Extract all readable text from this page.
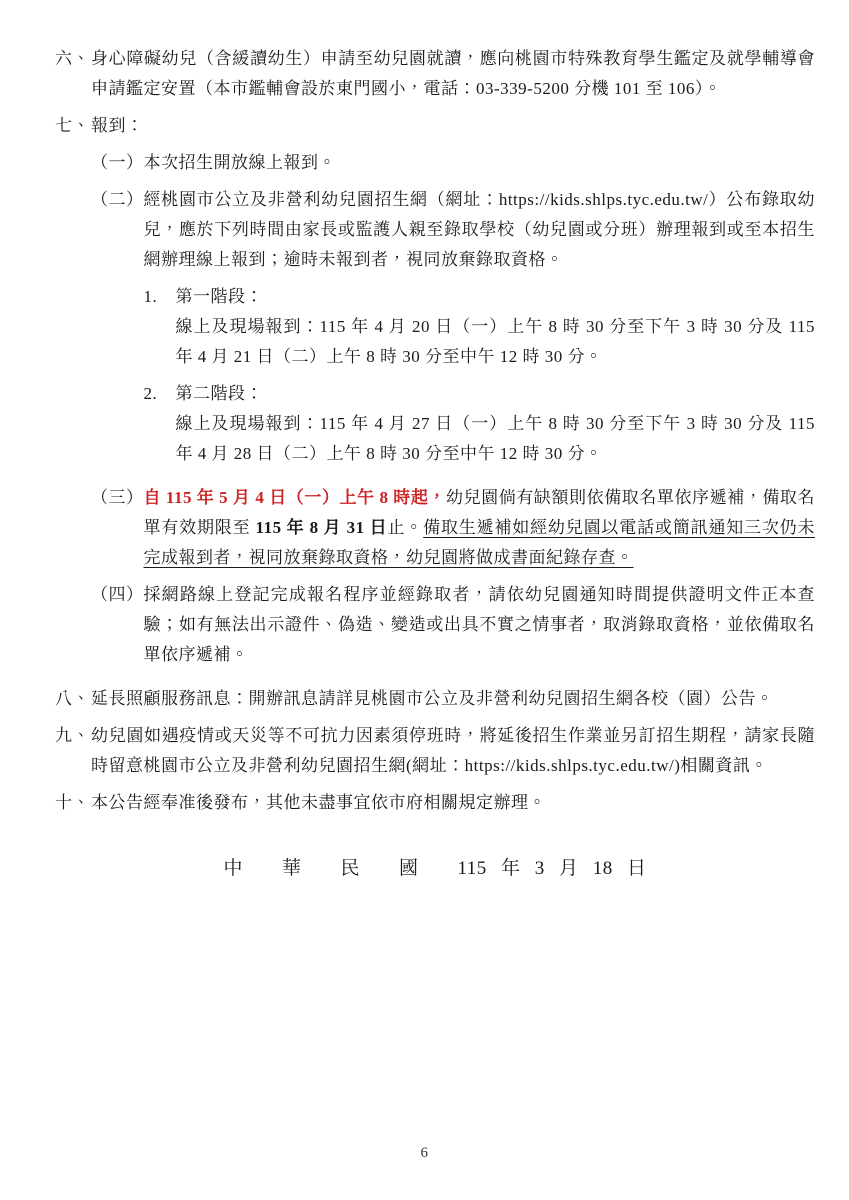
六、 身心障礙幼兒（含緩讀幼生）申請至幼兒園就讀，應向桃園市特殊教育學生鑑定及就學輔導會申請鑑定安置（本市鑑輔會設於東門國小，電話：03-339-5200 分機 101 至 106）。
七、 報到：
（一） 本次招生開放線上報到。
（二） 經桃園市公立及非營利幼兒園招生網（網址：https://kids.shlps.tyc.edu.tw/）公布錄取幼兒，應於下列時間由家長或監護人親至錄取學校（幼兒園或分班）辦理報到或至本招生網辦理線上報到；逾時未報到者，視同放棄錄取資格。
1.	第一階段：
線上及現場報到：115 年 4 月 20 日（一）上午 8 時 30 分至下午 3 時 30 分及 115 年 4 月 21 日（二）上午 8 時 30 分至中午 12 時 30 分。
2.	第二階段：
線上及現場報到：115 年 4 月 27 日（一）上午 8 時 30 分至下午 3 時 30 分及 115 年 4 月 28 日（二）上午 8 時 30 分至中午 12 時 30 分。
（三） 自 115 年 5 月 4 日（一）上午 8 時起，幼兒園倘有缺額則依備取名單依序遞補，備取名單有效期限至 115 年 8 月 31 日止。備取生遞補如經幼兒園以電話或簡訊通知三次仍未完成報到者，視同放棄錄取資格，幼兒園將做成書面紀錄存查。
（四） 採網路線上登記完成報名程序並經錄取者，請依幼兒園通知時間提供證明文件正本查驗；如有無法出示證件、偽造、變造或出具不實之情事者，取消錄取資格，並依備取名單依序遞補。
八、 延長照顧服務訊息：開辦訊息請詳見桃園市公立及非營利幼兒園招生網各校（園）公告。
九、 幼兒園如遇疫情或天災等不可抗力因素須停班時，將延後招生作業並另訂招生期程，請家長隨時留意桃園市公立及非營利幼兒園招生網(網址：https://kids.shlps.tyc.edu.tw/)相關資訊。
十、 本公告經奉准後發布，其他未盡事宜依市府相關規定辦理。
中　　華　　民　　國　　115 年 3 月 18 日
6
